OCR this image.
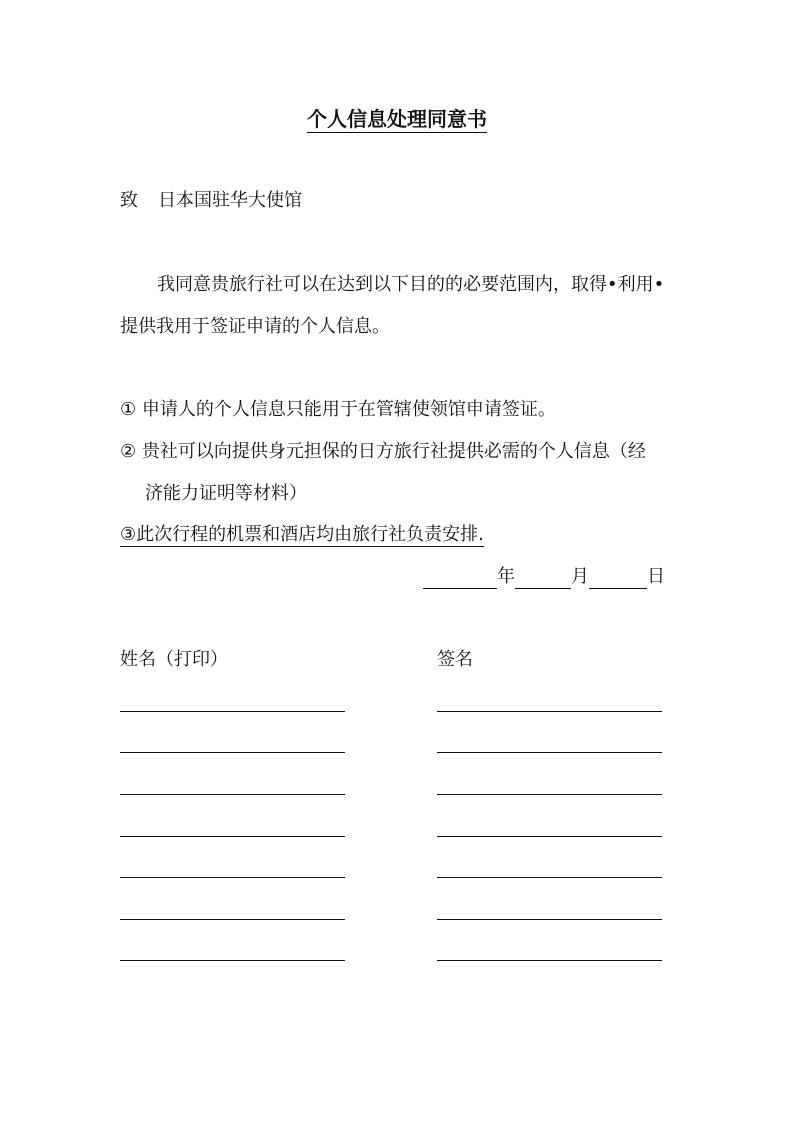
个人信息处理同意书
致 日本国驻华大使馆
我同意贵旅行社可以在达到以下目的的必要范围内，取得•利用•
提供我用于签证申请的个人信息。
① 申请人的个人信息只能用于在管辖使领馆申请签证。
② 贵社可以向提供身元担保的日方旅行社提供必需的个人信息（经
济能力证明等材料）
③此次行程的机票和酒店均由旅行社负责安排.
年	月	日
姓名（打印）	签名
